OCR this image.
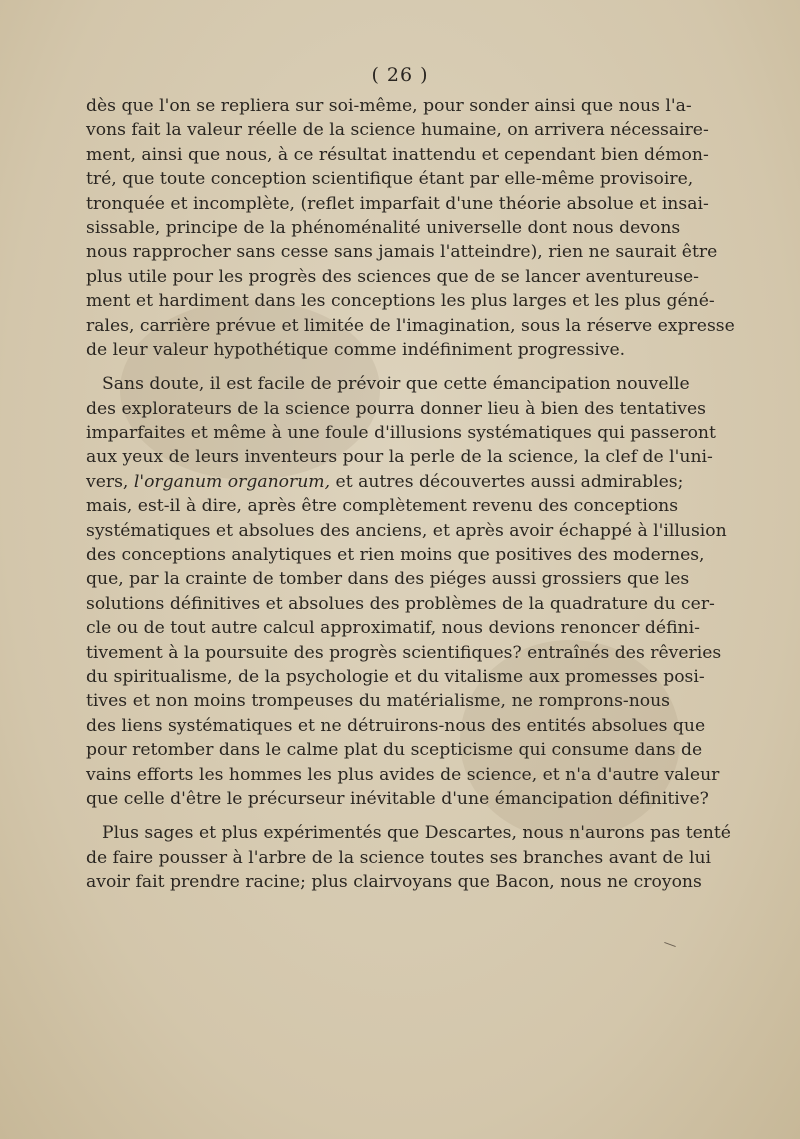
( 26 )
dès que l'on se repliera sur soi-même, pour sonder ainsi que nous l'a-
vons fait la valeur réelle de la science humaine, on arrivera nécessaire-
ment, ainsi que nous, à ce résultat inattendu et cependant bien démon-
tré, que toute conception scientifique étant par elle-même provisoire,
tronquée et incomplète, (reflet imparfait d'une théorie absolue et insai-
sissable, principe de la phénoménalité universelle dont nous devons
nous rapprocher sans cesse sans jamais l'atteindre), rien ne saurait être
plus utile pour les progrès des sciences que de se lancer aventureuse-
ment et hardiment dans les conceptions les plus larges et les plus géné-
rales, carrière prévue et limitée de l'imagination, sous la réserve expresse
de leur valeur hypothétique comme indéfiniment progressive.
Sans doute, il est facile de prévoir que cette émancipation nouvelle
des explorateurs de la science pourra donner lieu à bien des tentatives
imparfaites et même à une foule d'illusions systématiques qui passeront
aux yeux de leurs inventeurs pour la perle de la science, la clef de l'uni-
vers, l'organum organorum, et autres découvertes aussi admirables;
mais, est-il à dire, après être complètement revenu des conceptions
systématiques et absolues des anciens, et après avoir échappé à l'illusion
des conceptions analytiques et rien moins que positives des modernes,
que, par la crainte de tomber dans des piéges aussi grossiers que les
solutions définitives et absolues des problèmes de la quadrature du cer-
cle ou de tout autre calcul approximatif, nous devions renoncer défini-
tivement à la poursuite des progrès scientifiques? entraînés des rêveries
du spiritualisme, de la psychologie et du vitalisme aux promesses posi-
tives et non moins trompeuses du matérialisme, ne romprons-nous
des liens systématiques et ne détruirons-nous des entités absolues que
pour retomber dans le calme plat du scepticisme qui consume dans de
vains efforts les hommes les plus avides de science, et n'a d'autre valeur
que celle d'être le précurseur inévitable d'une émancipation définitive?
Plus sages et plus expérimentés que Descartes, nous n'aurons pas tenté
de faire pousser à l'arbre de la science toutes ses branches avant de lui
avoir fait prendre racine; plus clairvoyans que Bacon, nous ne croyons
